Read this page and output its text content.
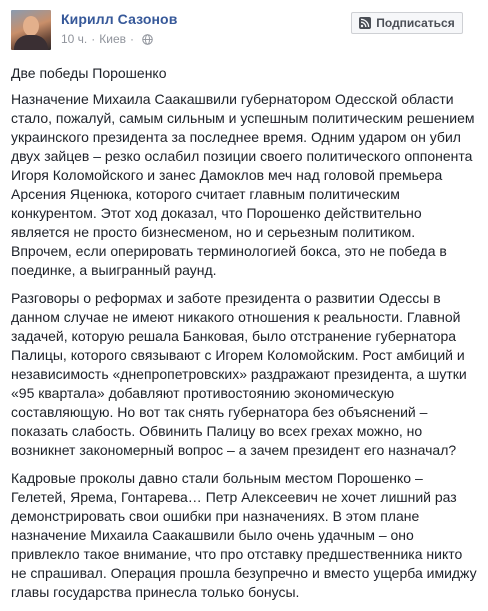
Кирилл Сазонов
10 ч. · Киев ·
Подписаться

Две победы Порошенко

Назначение Михаила Саакашвили губернатором Одесской области стало, пожалуй, самым сильным и успешным политическим решением украинского президента за последнее время. Одним ударом он убил двух зайцев – резко ослабил позиции своего политического оппонента Игоря Коломойского и занес Дамоклов меч над головой премьера Арсения Яценюка, которого считает главным политическим конкурентом. Этот ход доказал, что Порошенко действительно является не просто бизнесменом, но и серьезным политиком. Впрочем, если оперировать терминологией бокса, это не победа в поединке, а выигранный раунд.

Разговоры о реформах и заботе президента о развитии Одессы в данном случае не имеют никакого отношения к реальности. Главной задачей, которую решала Банковая, было отстранение губернатора Палицы, которого связывают с Игорем Коломойским. Рост амбиций и независимость «днепропетровских» раздражают президента, а шутки «95 квартала» добавляют противостоянию экономическую составляющую. Но вот так снять губернатора без объяснений – показать слабость. Обвинить Палицу во всех грехах можно, но возникнет закономерный вопрос – а зачем президент его назначал?

Кадровые проколы давно стали больным местом Порошенко – Гелетей, Ярема, Гонтарева… Петр Алексеевич не хочет лишний раз демонстрировать свои ошибки при назначениях. В этом плане назначение Михаила Саакашвили было очень удачным – оно привлекло такое внимание, что про отставку предшественника никто не спрашивал. Операция прошла безупречно и вместо ущерба имиджу главы государства принесла только бонусы.
